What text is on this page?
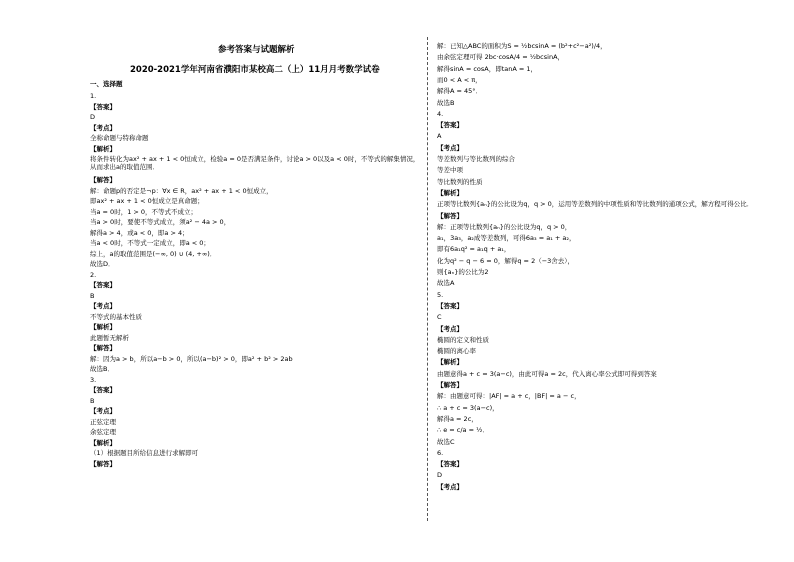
参考答案与试题解析
2020-2021学年河南省濮阳市某校高二（上）11月月考数学试卷
一、选择题
1.
【答案】
D
【考点】
全称命题与特称命题
【解析】
将条件转化为ax² + ax + 1 < 0恒成立，检验a = 0是否满足条件，讨论a > 0以及a < 0时，不等式的解集情况，从而求出a的取值范围．
【解答】
解：命题p的否定是¬p：∀x ∈ R，ax² + ax + 1 < 0恒成立，
即ax² + ax + 1 < 0恒成立是真命题；
当a = 0时，1 > 0，不等式不成立；
当a > 0时，要使不等式成立，须a² − 4a > 0，
解得a > 4，或a < 0，即a > 4；
当a < 0时，不等式一定成立，即a < 0；
综上，a的取值范围是(−∞, 0) ∪ (4, +∞)．
故选D．
2.
【答案】
B
【考点】
不等式的基本性质
【解析】
此题暂无解析
【解答】
解：因为a > b，所以a−b > 0，所以(a−b)² > 0，即a² + b² > 2ab
故选B．
3.
【答案】
B
【考点】
正弦定理
余弦定理
【解析】
（1）根据题目所给信息进行求解即可
【解答】
解：已知△ABC的面积为S = ½bcsinA = (b²+c²−a²)/4，
由余弦定理可得 2bc·cosA/4 = ½bcsinA，
解得sinA = cosA，即tanA = 1，
而0 < A < π，
解得A = 45°．
故选B
4.
【答案】
A
【考点】
等差数列与等比数列的综合
等差中项
等比数列的性质
【解析】
正项等比数列{aₙ}的公比设为q，q > 0，运用等差数列的中项性质和等比数列的通项公式，解方程可得公比．
【解答】
解：正项等比数列{aₙ}的公比设为q，q > 0，
a₁，3a₃，a₂成等差数列，可得6a₃ = a₁ + a₂，
即有6a₁q² = a₁q + a₁，
化为q² − q − 6 = 0，解得q = 2（−3舍去），
则{aₙ}的公比为2
故选A
5.
【答案】
C
【考点】
椭圆的定义和性质
椭圆的离心率
【解析】
由题意得a + c = 3(a−c)，由此可得a = 2c，代入离心率公式即可得到答案
【解答】
解：由题意可得：|AF| = a + c，|BF| = a − c，
∴ a + c = 3(a−c)，
解得a = 2c，
∴ e = c/a = ½．
故选C
6.
【答案】
D
【考点】
